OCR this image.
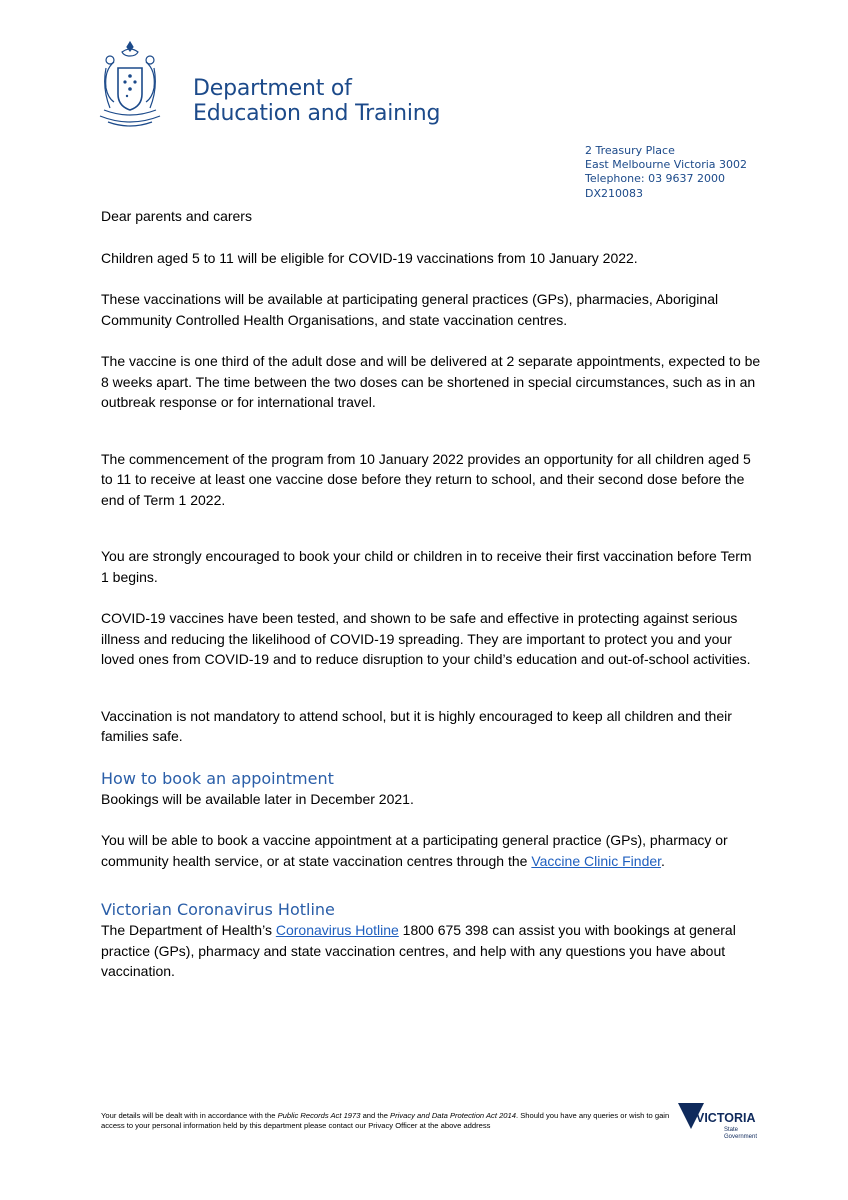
Department of
Education and Training
2 Treasury Place
East Melbourne Victoria 3002
Telephone: 03 9637 2000
DX210083

Dear parents and carers

Children aged 5 to 11 will be eligible for COVID-19 vaccinations from 10 January 2022.

These vaccinations will be available at participating general practices (GPs), pharmacies, Aboriginal Community Controlled Health Organisations, and state vaccination centres.

The vaccine is one third of the adult dose and will be delivered at 2 separate appointments, expected to be 8 weeks apart. The time between the two doses can be shortened in special circumstances, such as in an outbreak response or for international travel.

The commencement of the program from 10 January 2022 provides an opportunity for all children aged 5 to 11 to receive at least one vaccine dose before they return to school, and their second dose before the end of Term 1 2022.

You are strongly encouraged to book your child or children in to receive their first vaccination before Term 1 begins.

COVID-19 vaccines have been tested, and shown to be safe and effective in protecting against serious illness and reducing the likelihood of COVID-19 spreading. They are important to protect you and your loved ones from COVID-19 and to reduce disruption to your child’s education and out-of-school activities.

Vaccination is not mandatory to attend school, but it is highly encouraged to keep all children and their families safe.

How to book an appointment

Bookings will be available later in December 2021.

You will be able to book a vaccine appointment at a participating general practice (GPs), pharmacy or community health service, or at state vaccination centres through the Vaccine Clinic Finder.

Victorian Coronavirus Hotline

The Department of Health’s Coronavirus Hotline 1800 675 398 can assist you with bookings at general practice (GPs), pharmacy and state vaccination centres, and help with any questions you have about vaccination.

Your details will be dealt with in accordance with the Public Records Act 1973 and the Privacy and Data Protection Act 2014. Should you have any queries or wish to gain access to your personal information held by this department please contact our Privacy Officer at the above address
VICTORIA
State
Government
